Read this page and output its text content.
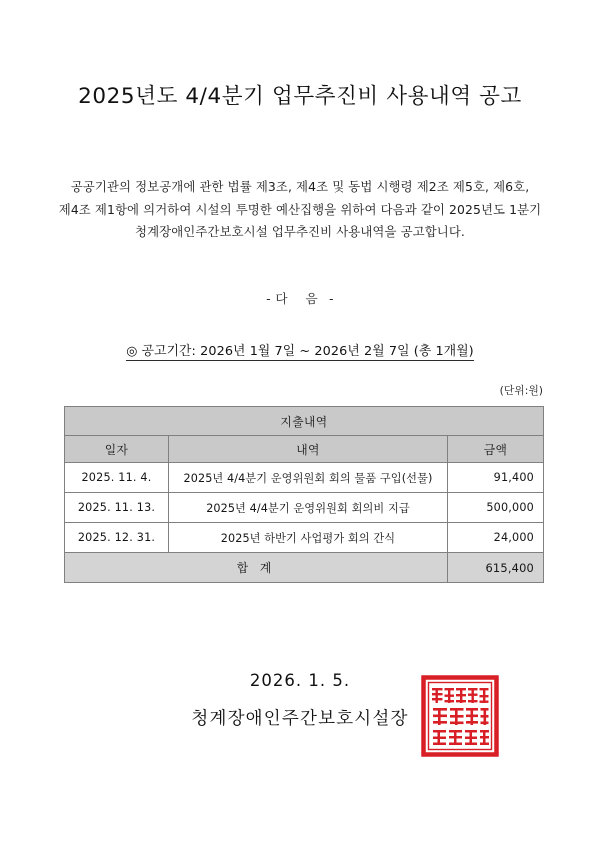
2025년도 4/4분기 업무추진비 사용내역 공고
공공기관의 정보공개에 관한 법률 제3조, 제4조 및 동법 시행령 제2조 제5호, 제6호,
제4조 제1항에 의거하여 시설의 투명한 예산집행을 위하여 다음과 같이 2025년도 1분기
청계장애인주간보호시설 업무추진비 사용내역을 공고합니다.
- 다 음 -
◎ 공고기간: 2026년 1월 7일 ~ 2026년 2월 7일 (총 1개월)
(단위:원)
지출내역		
일자	내역	금액
2025. 11. 4.	2025년 4/4분기 운영위원회 회의 물품 구입(선물)	91,400
2025. 11. 13.	2025년 4/4분기 운영위원회 회의비 지급	500,000
2025. 12. 31.	2025년 하반기 사업평가 회의 간식	24,000
합 계		615,400
2026. 1. 5.
청계장애인주간보호시설장
